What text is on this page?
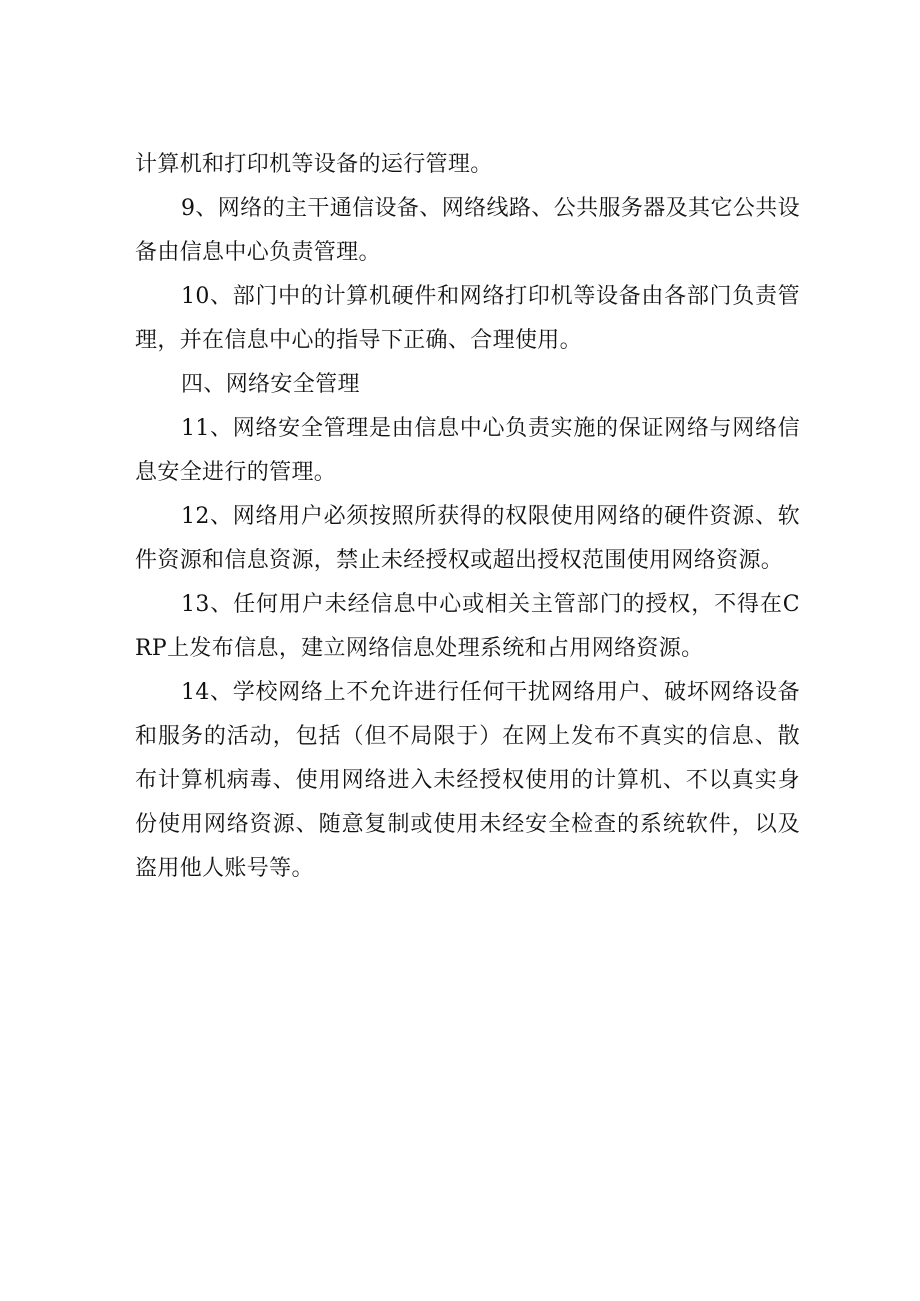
计算机和打印机等设备的运行管理。

9、网络的主干通信设备、网络线路、公共服务器及其它公共设备由信息中心负责管理。

10、部门中的计算机硬件和网络打印机等设备由各部门负责管理，并在信息中心的指导下正确、合理使用。

四、网络安全管理

11、网络安全管理是由信息中心负责实施的保证网络与网络信息安全进行的管理。

12、网络用户必须按照所获得的权限使用网络的硬件资源、软件资源和信息资源，禁止未经授权或超出授权范围使用网络资源。

13、任何用户未经信息中心或相关主管部门的授权，不得在CRP上发布信息，建立网络信息处理系统和占用网络资源。

14、学校网络上不允许进行任何干扰网络用户、破坏网络设备和服务的活动，包括（但不局限于）在网上发布不真实的信息、散布计算机病毒、使用网络进入未经授权使用的计算机、不以真实身份使用网络资源、随意复制或使用未经安全检查的系统软件，以及盗用他人账号等。
